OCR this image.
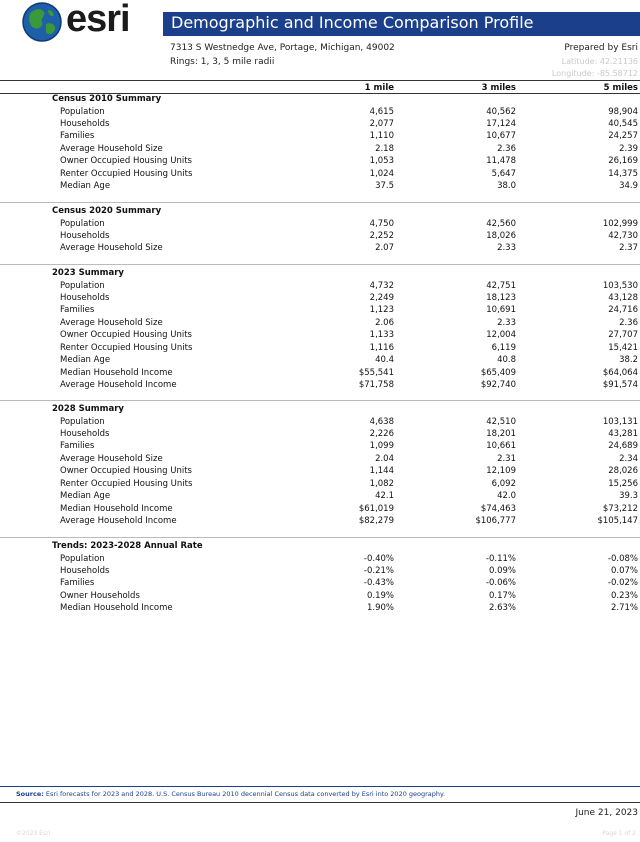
esri	Demographic and Income Comparison Profile
7313 S Westnedge Ave, Portage, Michigan, 49002
Rings: 1, 3, 5 mile radii
Prepared by Esri
Latitude: 42.21136
Longitude: -85.58712
1 mile	3 miles	5 miles
Census 2010 Summary
Population	4,615	40,562	98,904
Households	2,077	17,124	40,545
Families	1,110	10,677	24,257
Average Household Size	2.18	2.36	2.39
Owner Occupied Housing Units	1,053	11,478	26,169
Renter Occupied Housing Units	1,024	5,647	14,375
Median Age	37.5	38.0	34.9
Census 2020 Summary
Population	4,750	42,560	102,999
Households	2,252	18,026	42,730
Average Household Size	2.07	2.33	2.37
2023 Summary
Population	4,732	42,751	103,530
Households	2,249	18,123	43,128
Families	1,123	10,691	24,716
Average Household Size	2.06	2.33	2.36
Owner Occupied Housing Units	1,133	12,004	27,707
Renter Occupied Housing Units	1,116	6,119	15,421
Median Age	40.4	40.8	38.2
Median Household Income	$55,541	$65,409	$64,064
Average Household Income	$71,758	$92,740	$91,574
2028 Summary
Population	4,638	42,510	103,131
Households	2,226	18,201	43,281
Families	1,099	10,661	24,689
Average Household Size	2.04	2.31	2.34
Owner Occupied Housing Units	1,144	12,109	28,026
Renter Occupied Housing Units	1,082	6,092	15,256
Median Age	42.1	42.0	39.3
Median Household Income	$61,019	$74,463	$73,212
Average Household Income	$82,279	$106,777	$105,147
Trends: 2023-2028 Annual Rate
Population	-0.40%	-0.11%	-0.08%
Households	-0.21%	0.09%	0.07%
Families	-0.43%	-0.06%	-0.02%
Owner Households	0.19%	0.17%	0.23%
Median Household Income	1.90%	2.63%	2.71%
Source: Esri forecasts for 2023 and 2028. U.S. Census Bureau 2010 decennial Census data converted by Esri into 2020 geography.
June 21, 2023
©2023 Esri	Page 1 of 2
